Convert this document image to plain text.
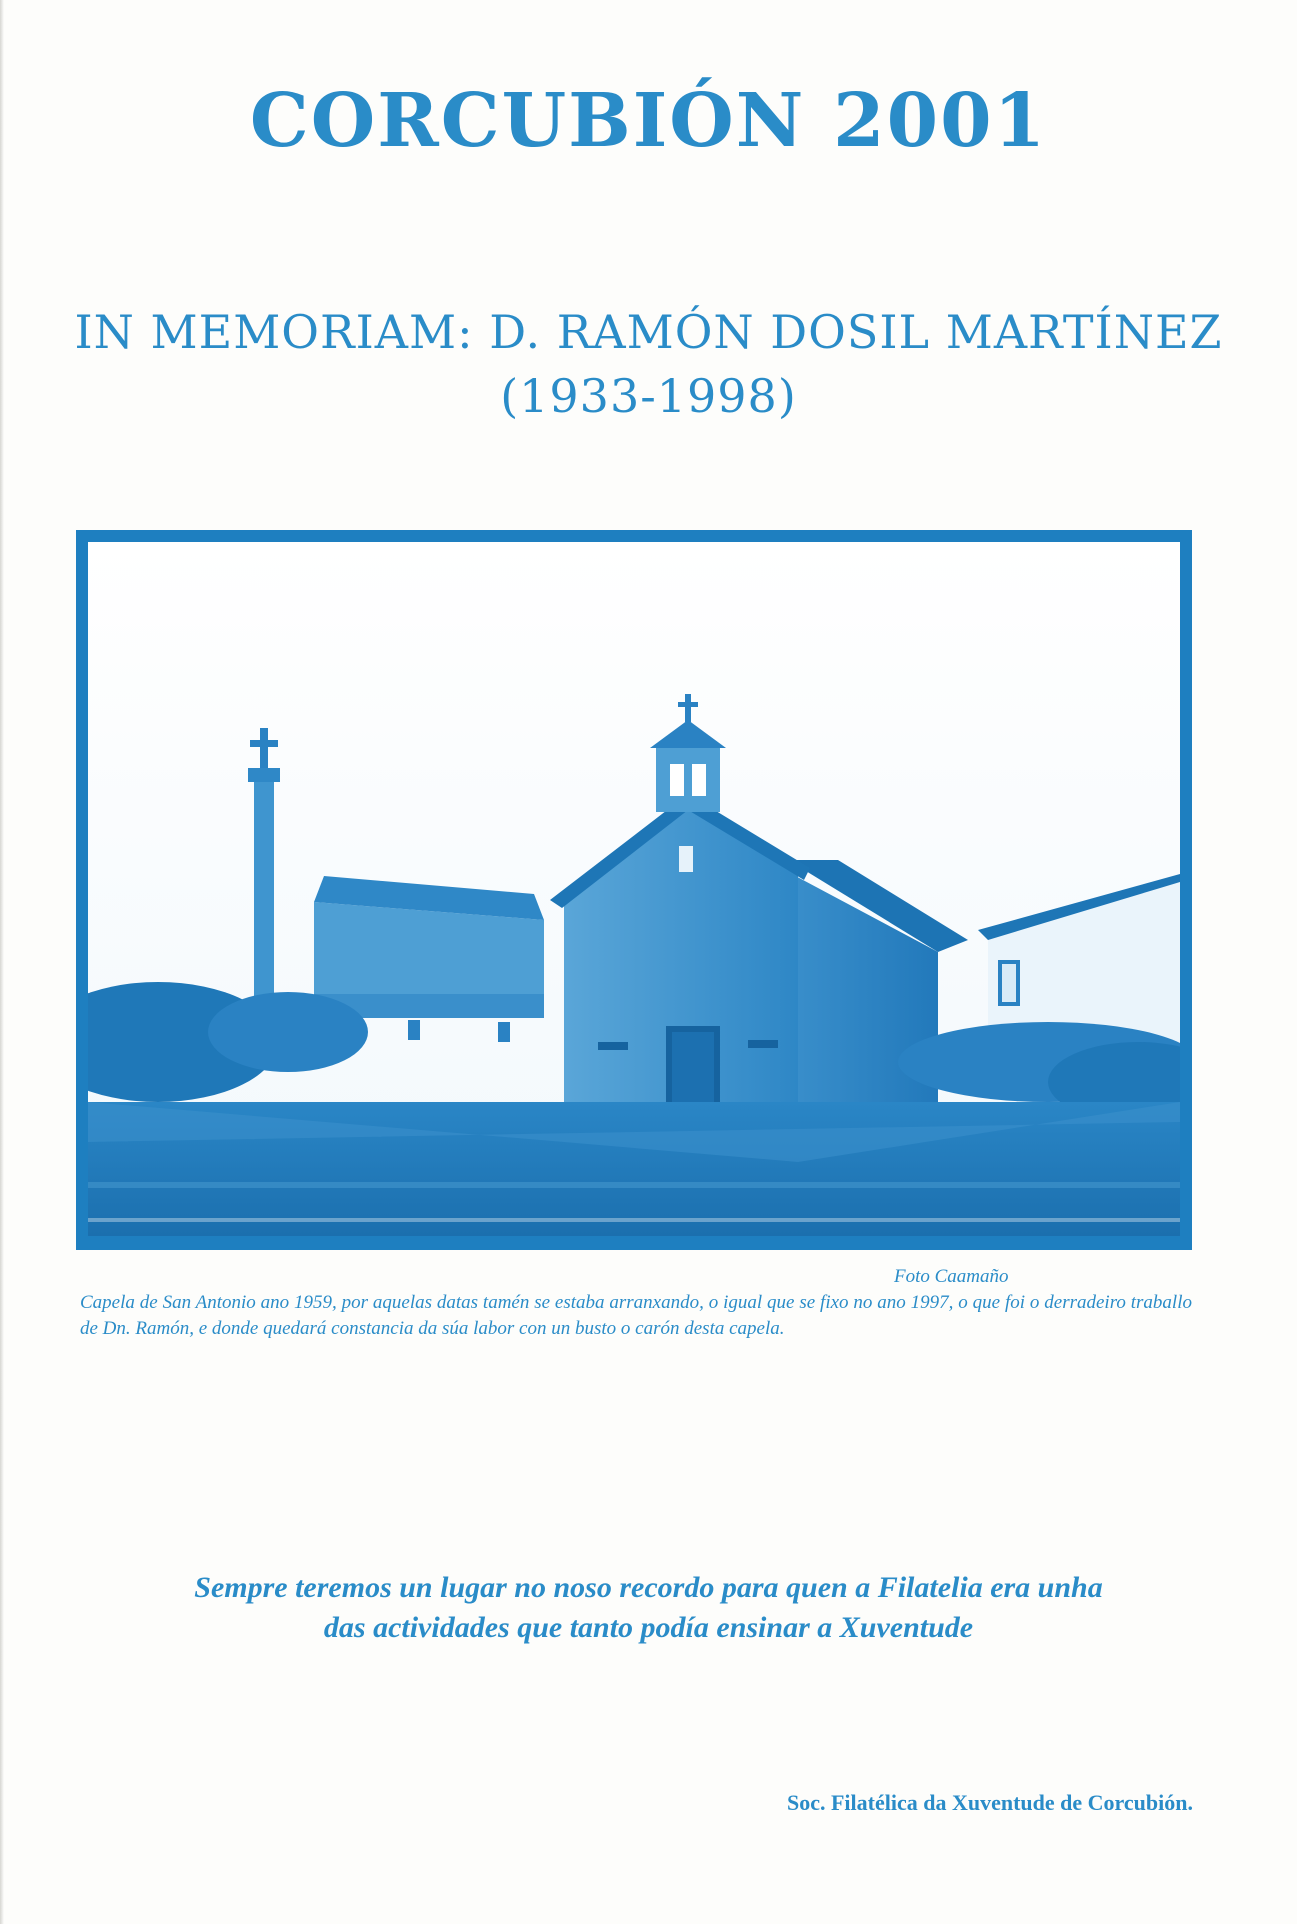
CORCUBIÓN 2001
IN MEMORIAM: D. RAMÓN DOSIL MARTÍNEZ
(1933-1998)
Foto Caamaño
Capela de San Antonio ano 1959, por aquelas datas tamén se estaba arranxando, o igual que se fixo no ano 1997, o que foi o derradeiro traballo de Dn. Ramón, e donde quedará constancia da súa labor con un busto o carón desta capela.
Sempre teremos un lugar no noso recordo para quen a Filatelia era unha
das actividades que tanto podía ensinar a Xuventude
Soc. Filatélica da Xuventude de Corcubión.
